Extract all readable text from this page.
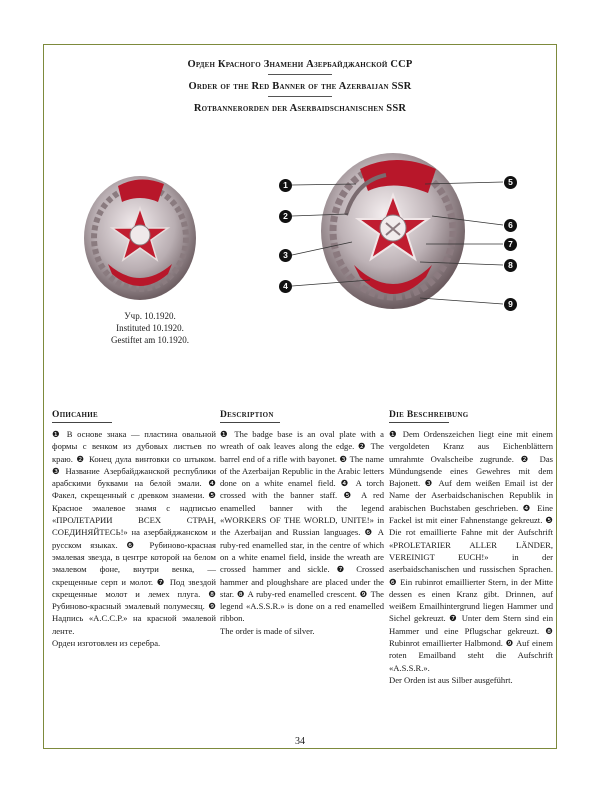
Орден Красного Знамени Азербайджанской ССР
Order of the Red Banner of the Azerbaijan SSR
Rotbannerorden der Aserbaidschanischen SSR
Учр. 10.1920.
Instituted 10.1920.
Gestiftet am 10.1920.
1
2
3
4
5
6
7
8
9
Описание

❶ В основе знака — пластина овальной формы с венком из дубовых листьев по краю. ❷ Конец дула винтовки со штыком. ❸ Название Азербайджанской республики арабскими буквами на белой эмали. ❹ Факел, скрещенный с древком знамени. ❺ Красное эмалевое знамя с надписью «ПРОЛЕТАРИИ ВСЕХ СТРАН, СОЕДИНЯЙТЕСЬ!» на азербайджанском и русском языках. ❻ Рубиново-красная эмалевая звезда, в центре которой на белом эмалевом фоне, внутри венка, — скрещенные серп и молот. ❼ Под звездой скрещенные молот и лемех плуга. ❽ Рубиново-красный эмалевый полумесяц. ❾ Надпись «А.С.С.Р.» на красной эмалевой ленте.

Орден изготовлен из серебра.

Description

❶ The badge base is an oval plate with a wreath of oak leaves along the edge. ❷ The barrel end of a rifle with bayonet. ❸ The name of the Azerbaijan Republic in the Arabic letters done on a white enamel field. ❹ A torch crossed with the banner staff. ❺ A red enamelled banner with the legend «WORKERS OF THE WORLD, UNITE!» in the Azerbaijan and Russian languages. ❻ A ruby-red enamelled star, in the centre of which on a white enamel field, inside the wreath are crossed hammer and sickle. ❼ Crossed hammer and ploughshare are placed under the star. ❽ A ruby-red enamelled crescent. ❾ The legend «A.S.S.R.» is done on a red enamelled ribbon.

The order is made of silver.

Die Beschreibung

❶ Dem Ordenszeichen liegt eine mit einem vergoldeten Kranz aus Eichenblättern umrahmte Ovalscheibe zugrunde. ❷ Das Mündungsende eines Gewehres mit dem Bajonett. ❸ Auf dem weißen Email ist der Name der Aserbaidschanischen Republik in arabischen Buchstaben geschrieben. ❹ Eine Fackel ist mit einer Fahnenstange gekreuzt. ❺ Die rot emaillierte Fahne mit der Aufschrift «PROLETARIER ALLER LÄNDER, VEREINIGT EUCH!» in der aserbaidschanischen und russischen Sprachen. ❻ Ein rubinrot emaillierter Stern, in der Mitte dessen es einen Kranz gibt. Drinnen, auf weißem Emailhintergrund liegen Hammer und Sichel gekreuzt. ❼ Unter dem Stern sind ein Hammer und eine Pflugschar gekreuzt. ❽ Rubinrot emaillierter Halbmond. ❾ Auf einem roten Emailband steht die Aufschrift «A.S.S.R.».

Der Orden ist aus Silber ausgeführt.

34
